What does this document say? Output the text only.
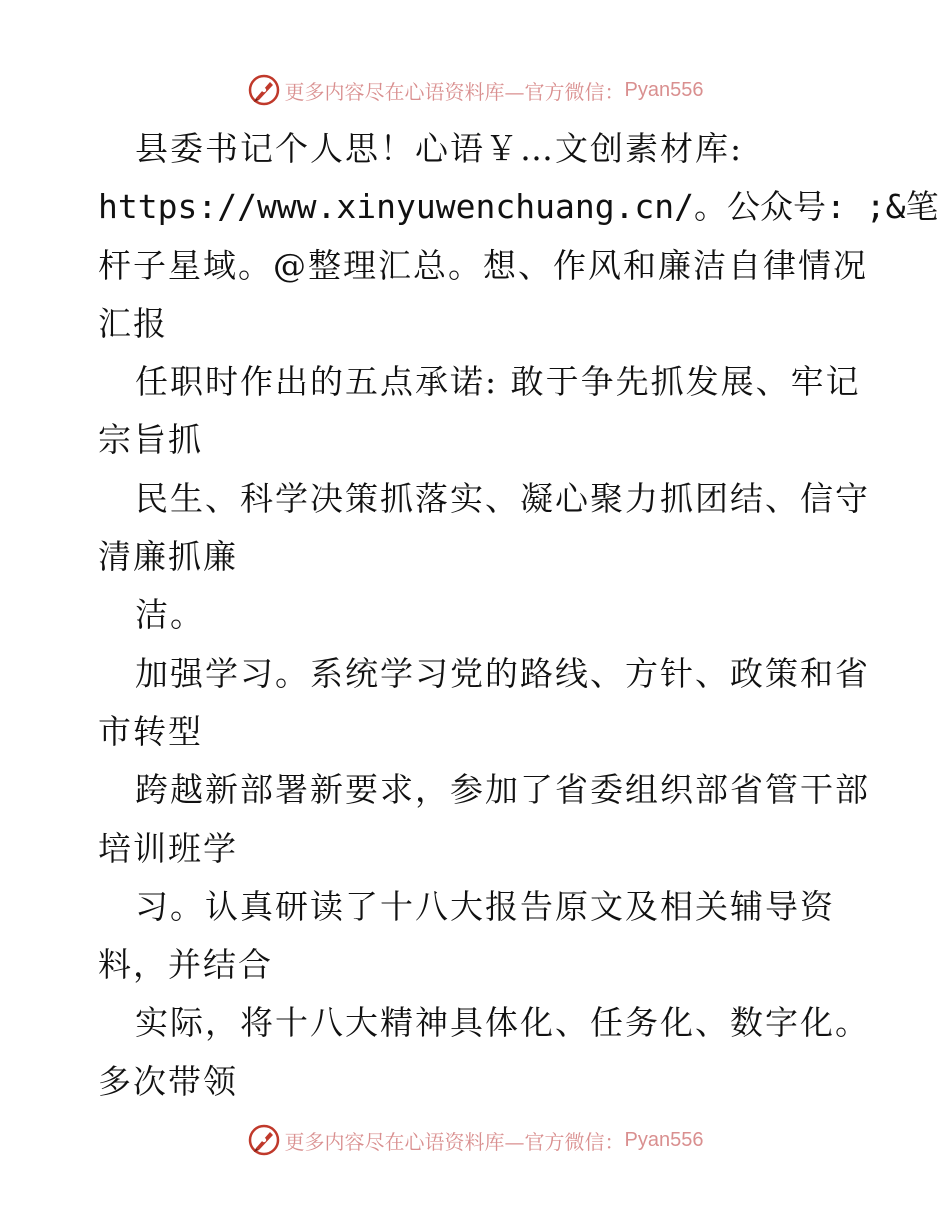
更多内容尽在心语资料库— 官方微信： Pyan556
县委书记个人思！心语￥…文创素材库:
https://www.xinyuwenchuang.cn/。公众号: ;&笔
杆子星域。@整理汇总。想、作风和廉洁自律情况
汇报
任职时作出的五点承诺: 敢于争先抓发展、牢记
宗旨抓
民生、科学决策抓落实、凝心聚力抓团结、信守
清廉抓廉
洁。
加强学习。系统学习党的路线、方针、政策和省
市转型
跨越新部署新要求，参加了省委组织部省管干部
培训班学
习。认真研读了十八大报告原文及相关辅导资
料，并结合
实际，将十八大精神具体化、任务化、数字化。
多次带领
更多内容尽在心语资料库— 官方微信： Pyan556
